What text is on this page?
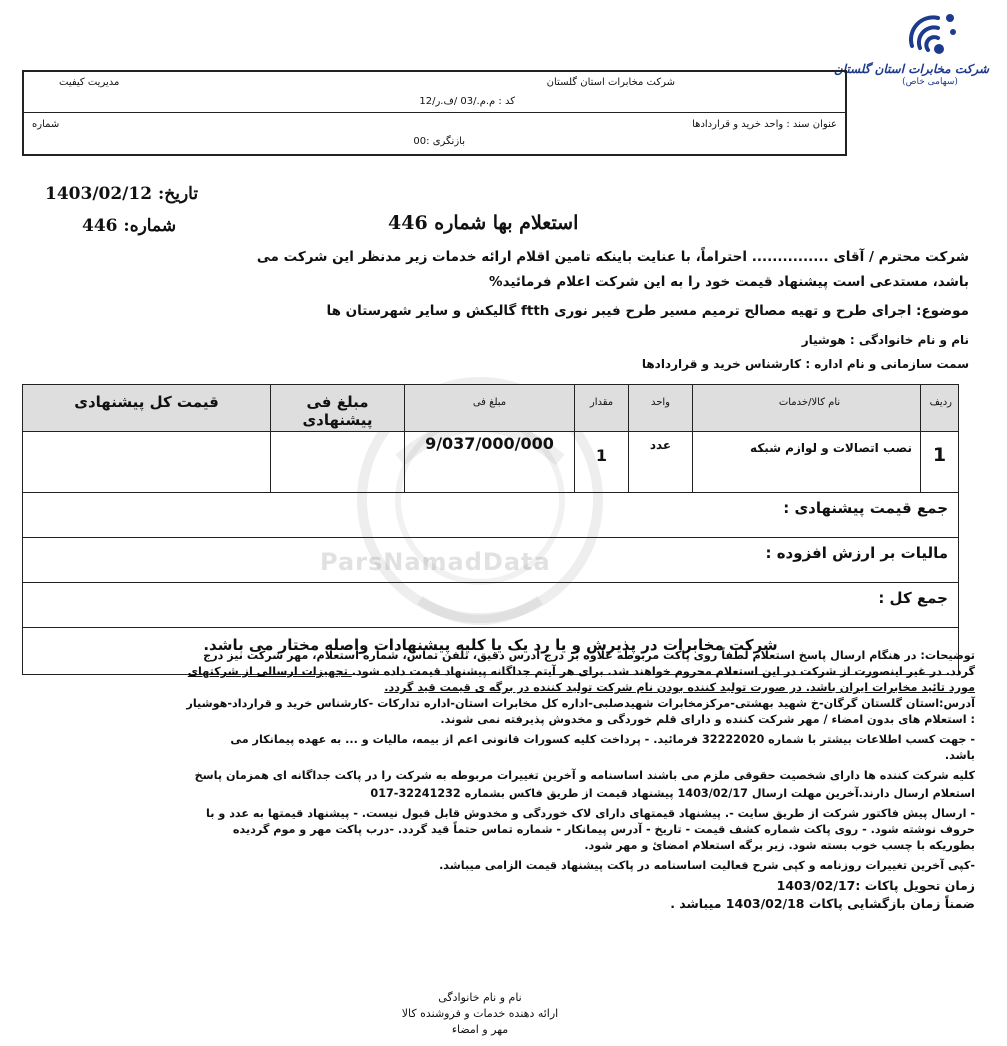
شرکت مخابرات استان گلستان
(سهامی خاص)
شرکت مخابرات استان گلستان
مدیریت کیفیت
کد : م.م./03 /ف.ر/12
عنوان سند : واحد خرید و قراردادها
شماره
بازنگری :00
تاریخ: 1403/02/12
شماره: 446	استعلام بها شماره 446
شرکت محترم / آقای ............... احتراماً، با عنایت باینکه تامین اقلام ارائه خدمات زیر مدنظر این شرکت می
باشد، مستدعی است پیشنهاد قیمت خود را به این شرکت اعلام فرمائید%
موضوع: اجرای طرح و تهیه مصالح ترمیم مسیر طرح فیبر نوری ftth گالیکش و سایر شهرستان ها
نام و نام خانوادگی : هوشیار
سمت سازمانی و نام اداره : کارشناس خرید و قراردادها
ParsNamadData
ردیف	نام کالا/خدمات	واحد	مقدار	مبلغ فی	مبلغ فی پیشنهادی	قیمت کل پیشنهادی
1	نصب اتصالات و لوازم شبکه	عدد	1	9/037/000/000		
جمع قیمت پیشنهادی :						
مالیات بر ارزش افزوده :						
جمع کل :						
شرکت مخابرات در پذیرش و یا رد یک یا کلیه پیشنهادات واصله مختار می باشد.						
توضیحات: در هنگام ارسال پاسخ استعلام لطفاً روی پاکت مربوطه علاوه بر درج آدرس دقیق، تلفن تماس، شماره استعلام، مهر شرکت نیز درج
گردد. در غیر اینصورت از شرکت در این استعلام محروم خواهند شد. برای هر آیتم جداگانه پیشنهاد قیمت داده شود. تجهیزات ارسالی از شرکتهای
مورد تائید مخابرات ایران باشد. در صورت تولید کننده بودن نام شرکت تولید کننده در برگه ی قیمت قید گردد.
آدرس:استان گلستان گرگان-خ شهید بهشتی-مرکزمخابرات شهیدصلبی-اداره کل مخابرات استان-اداره تدارکات -کارشناس خرید و قرارداد-هوشیار
: استعلام های بدون امضاء / مهر شرکت کننده و دارای قلم خوردگی و مخدوش پذیرفته نمی شوند.
- جهت کسب اطلاعات بیشتر با شماره 32222020 فرمائید. - پرداخت کلیه کسورات قانونی اعم از بیمه، مالیات و ... به عهده پیمانکار می
باشد.
کلیه شرکت کننده ها دارای شخصیت حقوقی ملزم می باشند اساسنامه و آخرین تغییرات مربوطه به شرکت را در پاکت جداگانه ای همزمان پاسخ
استعلام ارسال دارند.آخرین مهلت ارسال 1403/02/17 پیشنهاد قیمت از طریق فاکس بشماره 32241232-017
- ارسال پیش فاکتور شرکت از طریق سایت -. پیشنهاد قیمتهای دارای لاک خوردگی و مخدوش قابل قبول نیست. - پیشنهاد قیمتها به عدد و با
حروف نوشته شود. - روی پاکت شماره کشف قیمت - تاریخ - آدرس پیمانکار - شماره تماس حتماً قید گردد. -درب پاکت مهر و موم گردیده
بطوریکه با چسب خوب بسته شود. زیر برگه استعلام امضائ و مهر شود.
-کپی آخرین تغییرات روزنامه و کپی شرح فعالیت اساسنامه در پاکت پیشنهاد قیمت الزامی میباشد.
زمان تحویل پاکات :1403/02/17
ضمناً زمان بازگشایی پاکات 1403/02/18 میباشد .
نام و نام خانوادگی
ارائه دهنده خدمات و فروشنده کالا
مهر و امضاء
